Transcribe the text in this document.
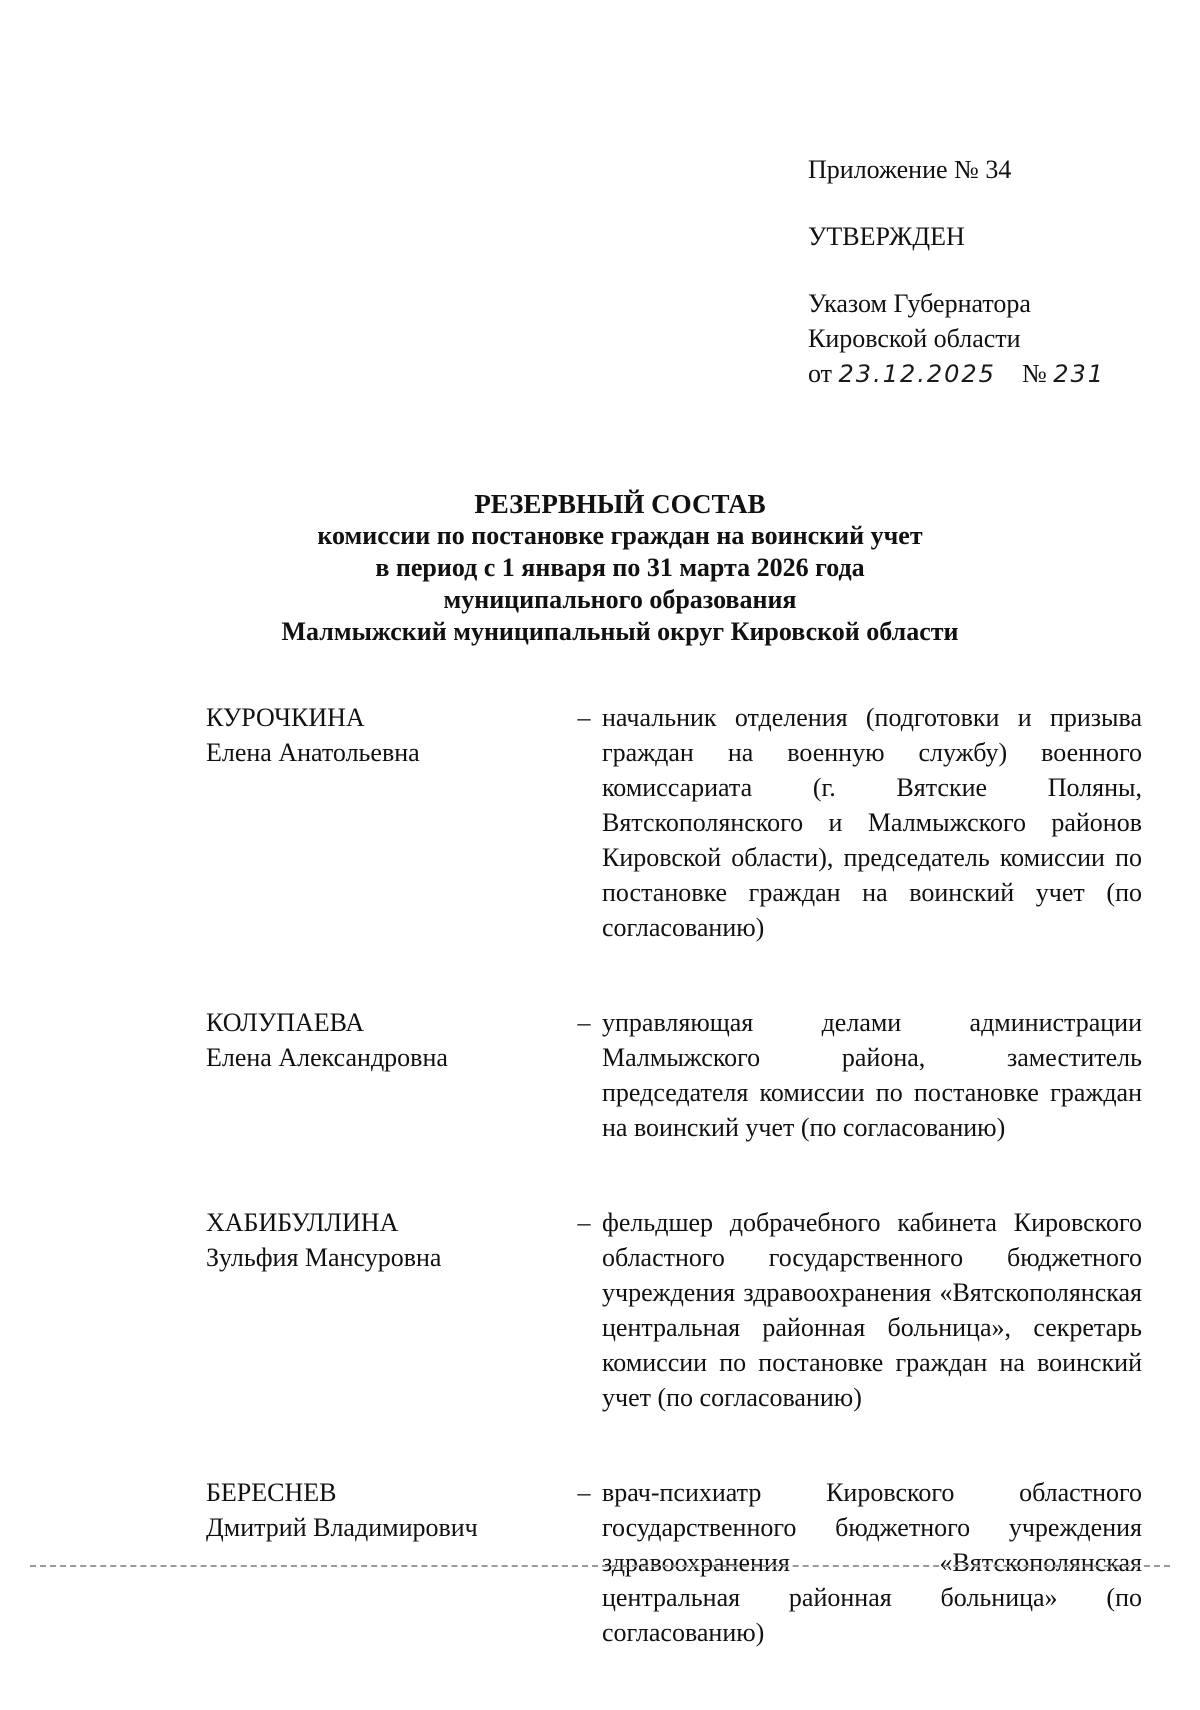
Приложение № 34
УТВЕРЖДЕН
Указом Губернатора
Кировской области
от 23.12.2025 № 231
РЕЗЕРВНЫЙ СОСТАВ
комиссии по постановке граждан на воинский учет
в период с 1 января по 31 марта 2026 года
муниципального образования
Малмыжский муниципальный округ Кировской области
КУРОЧКИНА
Елена Анатольевна
– начальник отделения (подготовки и призыва граждан на военную службу) военного комиссариата (г. Вятские Поляны, Вятскополянского и Малмыжского районов Кировской области), председатель комиссии по постановке граждан на воинский учет (по согласованию)
КОЛУПАЕВА
Елена Александровна
– управляющая делами администрации Малмыжского района, заместитель председателя комиссии по постановке граждан на воинский учет (по согласованию)
ХАБИБУЛЛИНА
Зульфия Мансуровна
– фельдшер добрачебного кабинета Кировского областного государственного бюджетного учреждения здравоохранения «Вятскополянская центральная районная больница», секретарь комиссии по постановке граждан на воинский учет (по согласованию)
БЕРЕСНЕВ
Дмитрий Владимирович
– врач-психиатр Кировского областного государственного бюджетного учреждения здравоохранения «Вятскополянская центральная районная больница» (по согласованию)
